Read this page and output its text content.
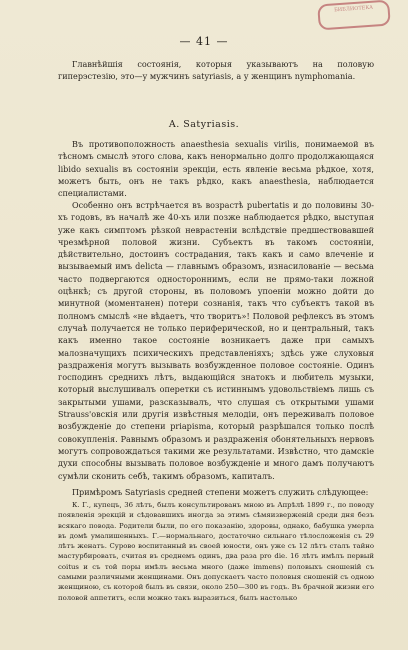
БИБЛИОТЕКА
— 41 —

Главнѣйшія состоянія, которыя указываютъ на половую гиперэстезію, это—у мужчинъ satyriasis, а у женщинъ nymphomania.

A. Satyriasis.

Въ противоположность anaesthesia sexualis virilis, понимаемой въ тѣсномъ смыслѣ этого слова, какъ ненормально долго продолжающаяся libido sexualis въ состояніи эрекціи, есть явленіе весьма рѣдкое, хотя, можетъ быть, онъ не такъ рѣдко, какъ anaesthesia, наблюдается специалистами.

Особенно онъ встрѣчается въ возрастѣ pubertatis и до половины 30-хъ годовъ, въ началѣ же 40-хъ или позже наблюдается рѣдко, выступая уже какъ симптомъ рѣзкой неврастеніи вслѣдствіе предшествовавшей чрезмѣрной половой жизни. Субъектъ въ такомъ состояніи, дѣйствительно, достоинъ сострадания, такъ какъ и само влеченіе и вызываемый имъ delicta — главнымъ образомъ, изнасилованіе — весьма часто подвергаются одностороннимъ, если не прямо-таки ложной оцѣнкѣ; съ другой стороны, въ половомъ упоеніи можно дойти до минутной (моментанен) потери сознанія, такъ что субъектъ такой въ полномъ смыслѣ «не вѣдаетъ, что творитъ»! Половой рефлексъ въ этомъ случаѣ получается не только периферической, но и центральный, такъ какъ именно такое состояніе возникаетъ даже при самыхъ малозначущихъ психическихъ представленіяхъ; здѣсь уже слуховыя раздраженія могутъ вызывать возбужденное половое состояніе. Одинъ господинъ среднихъ лѣтъ, выдающійся знатокъ и любитель музыки, который выслушивалъ оперетки съ истиннымъ удовольствіемъ лишь съ закрытыми ушами, разсказывалъ, что слушая съ открытыми ушами Strauss'овскія или другія извѣстныя мелодіи, онъ переживалъ половое возбужденіе до степени priapisma, который разрѣшался только послѣ совокупленія. Равнымъ образомъ и раздраженія обонятельныхъ нервовъ могутъ сопровождаться такими же результатами. Извѣстно, что дамскіе духи способны вызывать половое возбужденіе и много дамъ получаютъ сумѣли сконить себѣ, такимъ образомъ, капиталъ.

Примѣромъ Satyriasis средней степени можетъ служить слѣдующее:

К. Г., купецъ, 36 лѣтъ, былъ консультированъ мною въ Апрѣлѣ 1899 г., по поводу появленія эрекцій и сѣдовавшихъ иногда за этимъ сѣмяизверженій среди дня безъ всякаго повода. Родители были, по его показанію, здоровы, однако, бабушка умерла въ домѣ умалишенныхъ. Г.—нормальнаго, достаточно сильнаго тѣлосложенія съ 29 лѣтъ женатъ. Сурово воспитанный въ своей юности, онъ уже съ 12 лѣтъ сталъ тайно мастурбировать, считая въ среднемъ одинъ, два раза pro die. 16 лѣтъ имѣлъ первый coitus и съ той поры имѣлъ весьма много (даже immens) половыхъ сношеній съ самыми различными женщинами. Онъ допускаетъ часто половыя сношеній съ одною женщиною, съ которой былъ въ связи, около 250—300 въ годъ. Въ брачной жизни его половой аппетитъ, если можно такъ выразиться, былъ настолько
